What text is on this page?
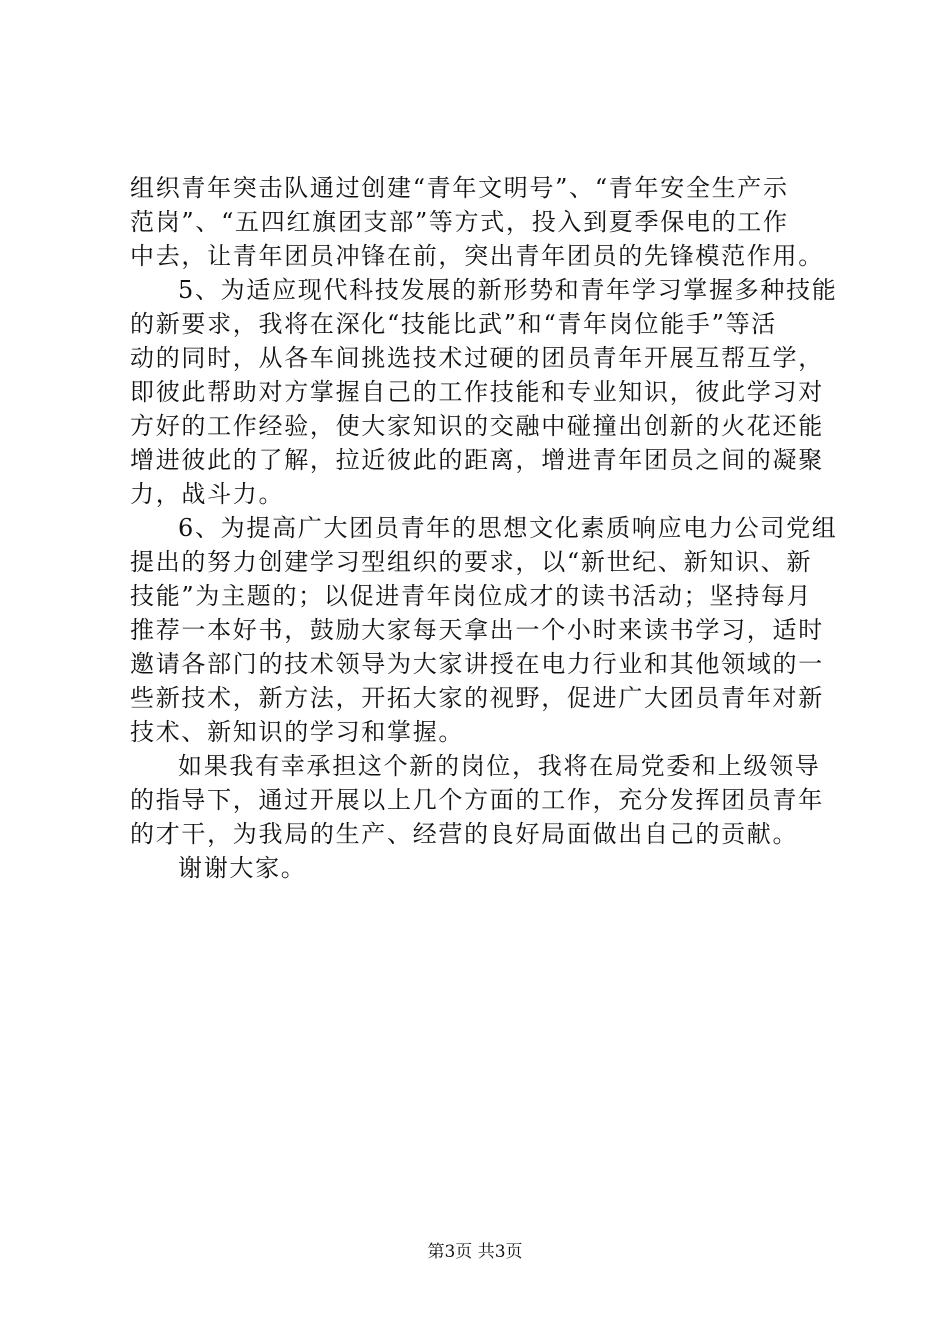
组织青年突击队通过创建“青年文明号”、“青年安全生产示
范岗”、“五四红旗团支部”等方式，投入到夏季保电的工作
中去，让青年团员冲锋在前，突出青年团员的先锋模范作用。
5、为适应现代科技发展的新形势和青年学习掌握多种技能
的新要求，我将在深化“技能比武”和“青年岗位能手”等活
动的同时，从各车间挑选技术过硬的团员青年开展互帮互学，
即彼此帮助对方掌握自己的工作技能和专业知识，彼此学习对
方好的工作经验，使大家知识的交融中碰撞出创新的火花还能
增进彼此的了解，拉近彼此的距离，增进青年团员之间的凝聚
力，战斗力。
6、为提高广大团员青年的思想文化素质响应电力公司党组
提出的努力创建学习型组织的要求，以“新世纪、新知识、新
技能”为主题的；以促进青年岗位成才的读书活动；坚持每月
推荐一本好书，鼓励大家每天拿出一个小时来读书学习，适时
邀请各部门的技术领导为大家讲授在电力行业和其他领域的一
些新技术，新方法，开拓大家的视野，促进广大团员青年对新
技术、新知识的学习和掌握。
如果我有幸承担这个新的岗位，我将在局党委和上级领导
的指导下，通过开展以上几个方面的工作，充分发挥团员青年
的才干，为我局的生产、经营的良好局面做出自己的贡献。
谢谢大家。
第3页 共3页
